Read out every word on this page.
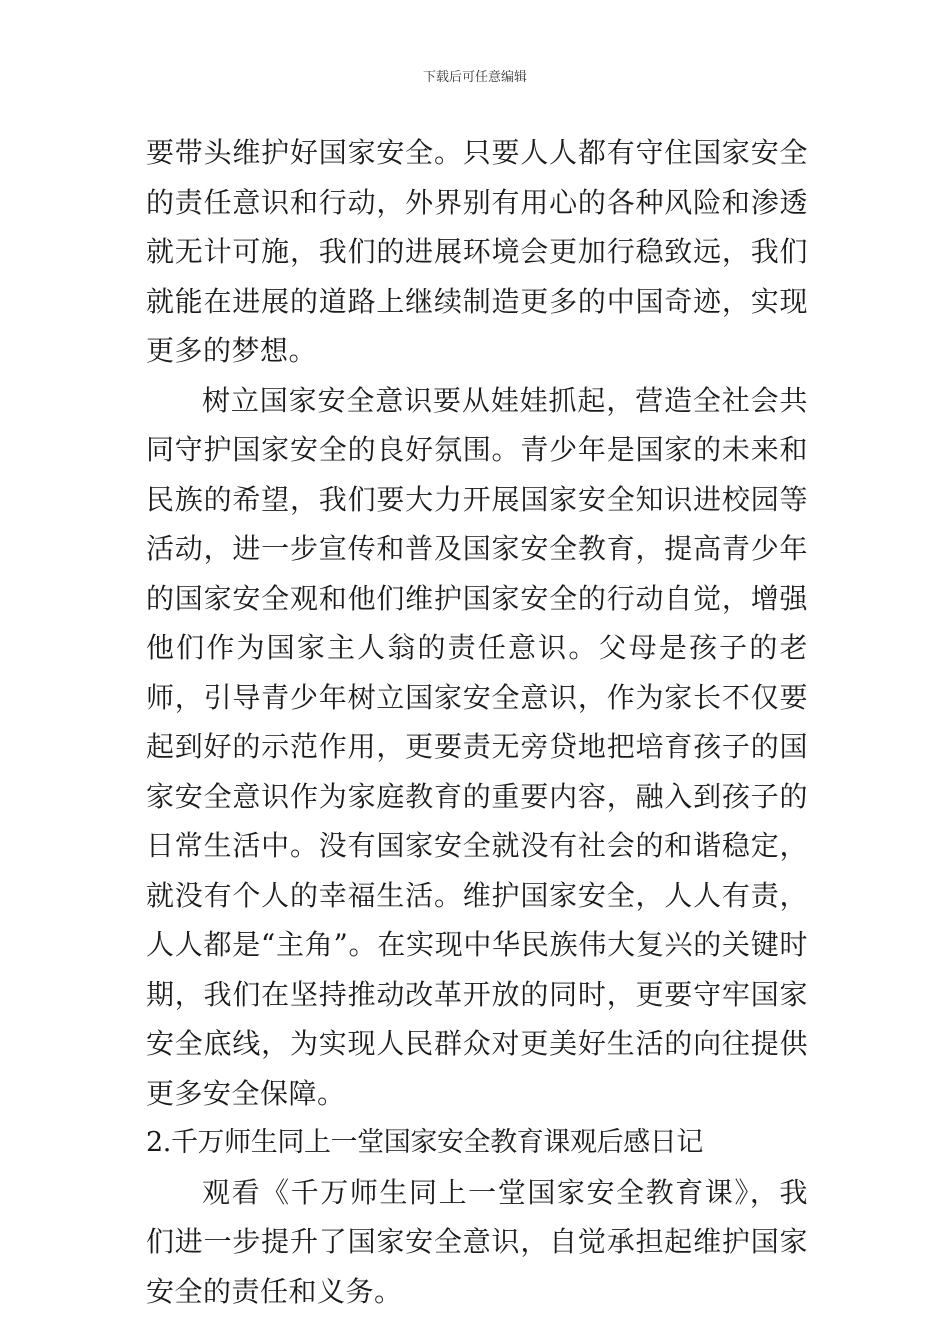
下载后可任意编辑

要带头维护好国家安全。只要人人都有守住国家安全的责任意识和行动，外界别有用心的各种风险和渗透就无计可施，我们的进展环境会更加行稳致远，我们就能在进展的道路上继续制造更多的中国奇迹，实现更多的梦想。

树立国家安全意识要从娃娃抓起，营造全社会共同守护国家安全的良好氛围。青少年是国家的未来和民族的希望，我们要大力开展国家安全知识进校园等活动，进一步宣传和普及国家安全教育，提高青少年的国家安全观和他们维护国家安全的行动自觉，增强他们作为国家主人翁的责任意识。父母是孩子的老师，引导青少年树立国家安全意识，作为家长不仅要起到好的示范作用，更要责无旁贷地把培育孩子的国家安全意识作为家庭教育的重要内容，融入到孩子的日常生活中。没有国家安全就没有社会的和谐稳定，就没有个人的幸福生活。维护国家安全，人人有责，人人都是“主角”。在实现中华民族伟大复兴的关键时期，我们在坚持推动改革开放的同时，更要守牢国家安全底线，为实现人民群众对更美好生活的向往提供更多安全保障。

2.千万师生同上一堂国家安全教育课观后感日记

观看《千万师生同上一堂国家安全教育课》，我们进一步提升了国家安全意识，自觉承担起维护国家安全的责任和义务。
